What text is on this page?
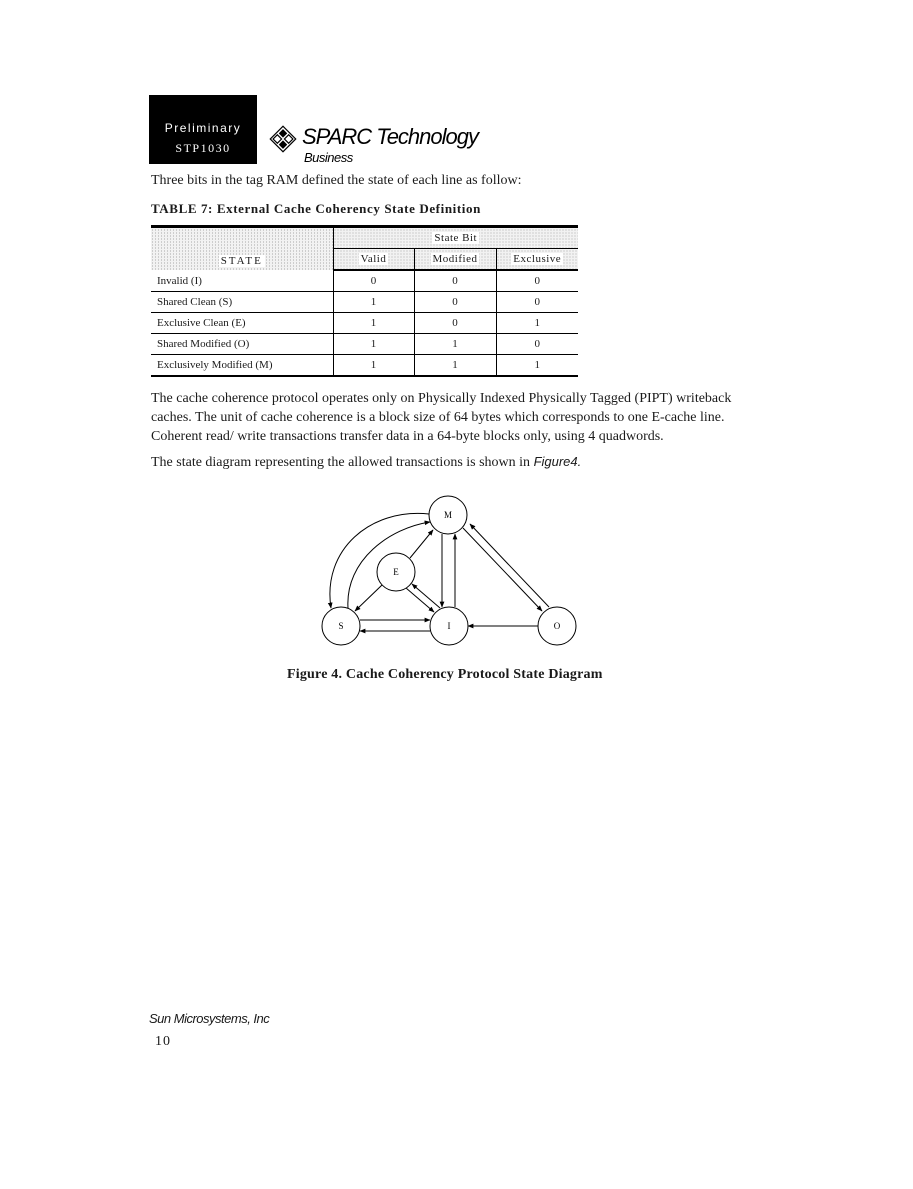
Preliminary
STP1030	SPARC Technology
Business
Three bits in the tag RAM defined the state of each line as follow:
TABLE 7: External Cache Coherency State Definition
STATE	State Bit		
	Valid	Modified	Exclusive
Invalid (I)	0	0	0
Shared Clean (S)	1	0	0
Exclusive Clean (E)	1	0	1
Shared Modified (O)	1	1	0
Exclusively Modified (M)	1	1	1
The cache coherence protocol operates only on Physically Indexed Physically Tagged (PIPT) writeback caches. The unit of cache coherence is a block size of 64 bytes which corresponds to one E-cache line. Coherent read/ write transactions transfer data in a 64-byte blocks only, using 4 quadwords.
The state diagram representing the allowed transactions is shown in Figure4.
M
E
S	I	O
Figure 4. Cache Coherency Protocol State Diagram
Sun Microsystems, Inc
10
